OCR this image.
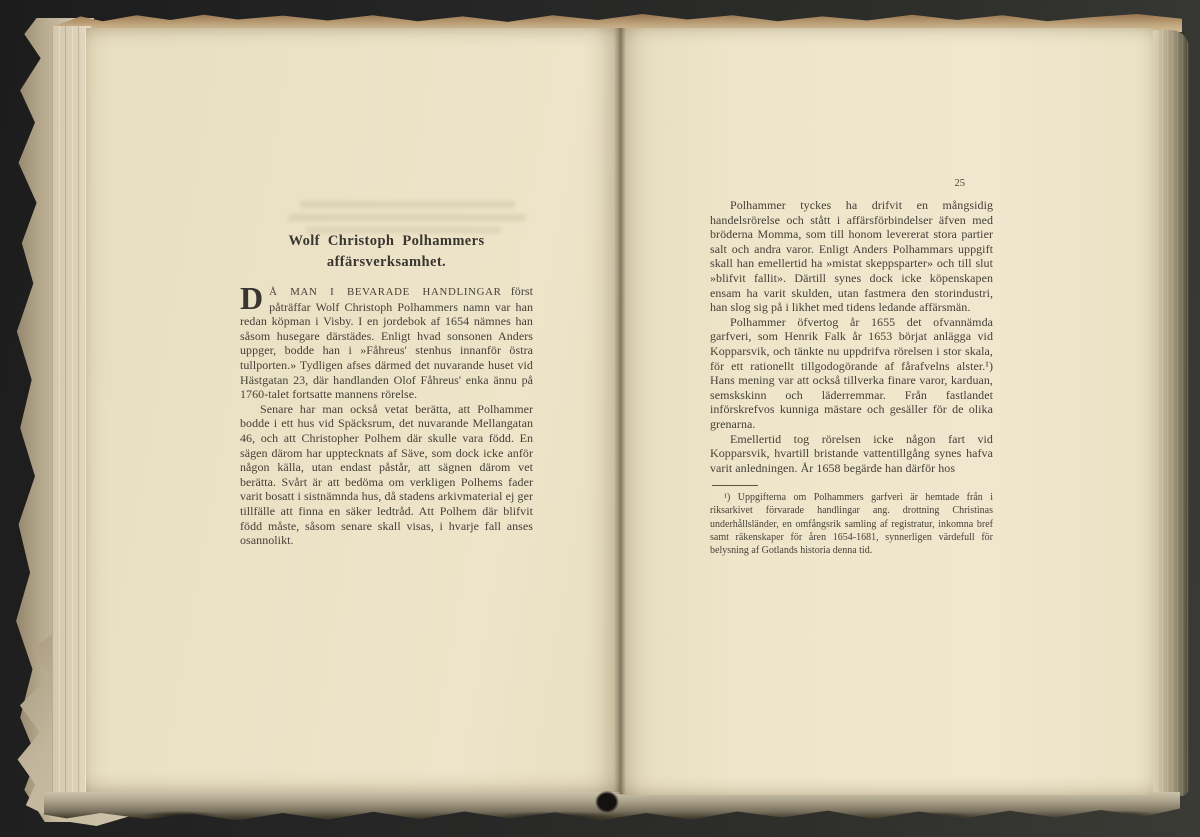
Wolf Christoph Polhammers
affärsverksamhet.

D Å MAN I BEVARADE HANDLINGAR först påträffar Wolf Christoph Polhammers namn var han redan köpman i Visby. I en jordebok af 1654 nämnes han såsom husegare därstädes. Enligt hvad sonsonen Anders uppger, bodde han i »Fåhreus' stenhus innanför östra tullporten.» Tydligen afses därmed det nuvarande huset vid Hästgatan 23, där handlanden Olof Fåhreus' enka ännu på 1760-talet fortsatte mannens rörelse.

Senare har man också vetat berätta, att Polhammer bodde i ett hus vid Späcksrum, det nuvarande Mellangatan 46, och att Christopher Polhem där skulle vara född. En sägen därom har upptecknats af Säve, som dock icke anför någon källa, utan endast påstår, att sägnen därom vet berätta. Svårt är att bedöma om verkligen Polhems fader varit bosatt i sistnämnda hus, då stadens arkivmaterial ej ger tillfälle att finna en säker ledtråd. Att Polhem där blifvit född måste, såsom senare skall visas, i hvarje fall anses osannolikt.

25

Polhammer tyckes ha drifvit en mångsidig handelsrörelse och stått i affärsförbindelser äfven med bröderna Momma, som till honom levererat stora partier salt och andra varor. Enligt Anders Polhammars uppgift skall han emellertid ha »mistat skeppsparter» och till slut »blifvit fallit». Därtill synes dock icke köpenskapen ensam ha varit skulden, utan fastmera den storindustri, han slog sig på i likhet med tidens ledande affärsmän.

Polhammer öfvertog år 1655 det ofvannämda garfveri, som Henrik Falk år 1653 börjat anlägga vid Kopparsvik, och tänkte nu uppdrifva rörelsen i stor skala, för ett rationellt tillgodogörande af fårafvelns alster.¹) Hans mening var att också tillverka finare varor, karduan, semskskinn och läderremmar. Från fastlandet införskrefvos kunniga mästare och gesäller för de olika grenarna.

Emellertid tog rörelsen icke någon fart vid Kopparsvik, hvartill bristande vattentillgång synes hafva varit anledningen. År 1658 begärde han därför hos

¹) Uppgifterna om Polhammers garfveri är hemtade från i riksarkivet förvarade handlingar ang. drottning Christinas underhållsländer, en omfångsrik samling af registratur, inkomna bref samt räkenskaper för åren 1654-1681, synnerligen värdefull för belysning af Gotlands historia denna tid.
